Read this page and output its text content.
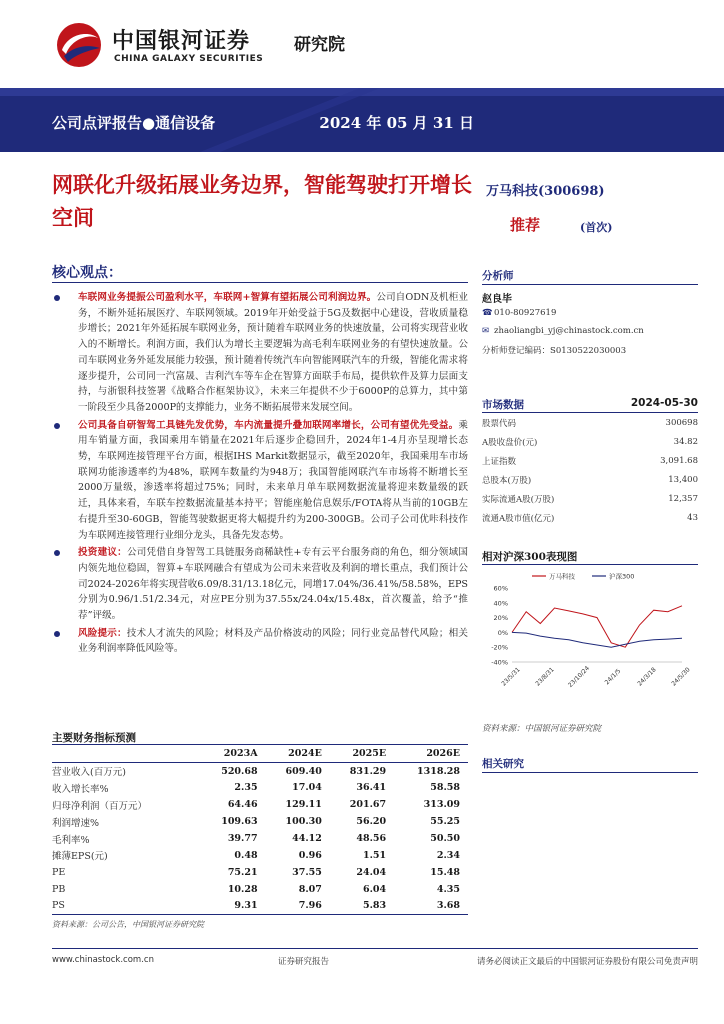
中国银河证券	研究院
CHINA GALAXY SECURITIES
公司点评报告●通信设备	2024 年 05 月 31 日
网联化升级拓展业务边界，智能驾驶打开增长空间
万马科技(300698)
推荐	(首次)
核心观点：
车联网业务提振公司盈利水平，车联网+智算有望拓展公司利润边界。公司自ODN及机柜业务，不断外延拓展医疗、车联网领域。2019年开始受益于5G及数据中心建设，营收质量稳步增长；2021年外延拓展车联网业务，预计随着车联网业务的快速放量，公司将实现营业收入的不断增长。利润方面，我们认为增长主要逻辑为高毛利车联网业务的有望快速放量。公司车联网业务外延发展能力较强，预计随着传统汽车向智能网联汽车的升级，智能化需求将逐步提升，公司同一汽富晟、吉利汽车等车企在智算方面联手布局，提供软件及算力层面支持，与浙银科技签署《战略合作框架协议》，未来三年提供不少于6000P的总算力，其中第一阶段至少具备2000P的支撑能力，业务不断拓展带来发展空间。
公司具备自研智驾工具链先发优势，车内流量提升叠加联网率增长，公司有望优先受益。乘用车销量方面，我国乘用车销量在2021年后逐步企稳回升，2024年1-4月亦呈现增长态势，车联网连接管理平台方面，根据IHS Markit数据显示，截至2020年，我国乘用车市场联网功能渗透率约为48%，联网车数量约为948万；我国智能网联汽车市场将不断增长至2000万量级，渗透率将超过75%；同时，未来单月单车联网数据流量将迎来数量级的跃迁，具体来看，车联车控数据流量基本持平；智能座舱信息娱乐/FOTA将从当前的10GB左右提升至30-60GB，智能驾驶数据更将大幅提升约为200-300GB。公司子公司优咔科技作为车联网连接管理行业细分龙头，具备先发态势。
投资建议：公司凭借自身智驾工具链服务商稀缺性+专有云平台服务商的角色，细分领域国内领先地位稳固，智算+车联网融合有望成为公司未来营收及利润的增长重点，我们预计公司2024-2026年将实现营收6.09/8.31/13.18亿元，同增17.04%/36.41%/58.58%，EPS分别为0.96/1.51/2.34元，对应PE分别为37.55x/24.04x/15.48x，首次覆盖，给予“推荐”评级。
风险提示：技术人才流失的风险；材料及产品价格波动的风险；同行业竞品替代风险；相关业务利润率降低风险等。
主要财务指标预测
	2023A	2024E	2025E	2026E
营业收入(百万元)	520.68	609.40	831.29	1318.28
收入增长率%	2.35	17.04	36.41	58.58
归母净利润（百万元）	64.46	129.11	201.67	313.09
利润增速%	109.63	100.30	56.20	55.25
毛利率%	39.77	44.12	48.56	50.50
摊薄EPS(元)	0.48	0.96	1.51	2.34
PE	75.21	37.55	24.04	15.48
PB	10.28	8.07	6.04	4.35
PS	9.31	7.96	5.83	3.68
资料来源：公司公告，中国银河证券研究院
分析师
赵良毕
☎010-80927619
✉ zhaoliangbi_yj@chinastock.com.cn
分析师登记编码：S0130522030003
市场数据	2024-05-30
股票代码	300698
A股收盘价(元)	34.82
上证指数	3,091.68
总股本(万股)	13,400
实际流通A股(万股)	12,357
流通A股市值(亿元)	43
相对沪深300表现图
60%
40%
20%
0%
-20%
-40%
23/5/31 23/8/31 23/10/24 24/1/5 24/3/18 24/5/30
万马科技	沪深300
资料来源：中国银河证券研究院
相关研究
www.chinastock.com.cn	证券研究报告	请务必阅读正文最后的中国银河证券股份有限公司免责声明
